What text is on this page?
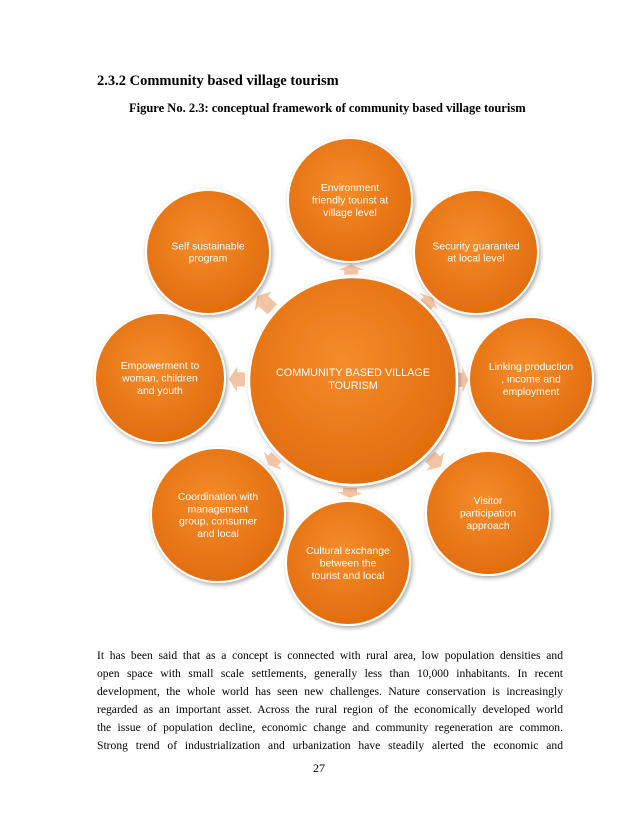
2.3.2 Community based village tourism

Figure No. 2.3: conceptual framework of community based village tourism

Environment
friendly tourist at
village level
Security guaranted
at local level
Linking production
, income and
employment
Visitor
participation
approach
Cultural exchange
between the
tourist and local
Coordination with
management
group, consumer
and local
Empowerment to
woman, children
and youth
Self sustainable
program
COMMUNITY BASED VILLAGE
TOURISM
It has been said that as a concept is connected with rural area, low population densities and
open space with small scale settlements, generally less than 10,000 inhabitants. In recent
development, the whole world has seen new challenges. Nature conservation is increasingly
regarded as an important asset. Across the rural region of the economically developed world
the issue of population decline, economic change and community regeneration are common.
Strong trend of industrialization and urbanization have steadily alerted the economic and

27
